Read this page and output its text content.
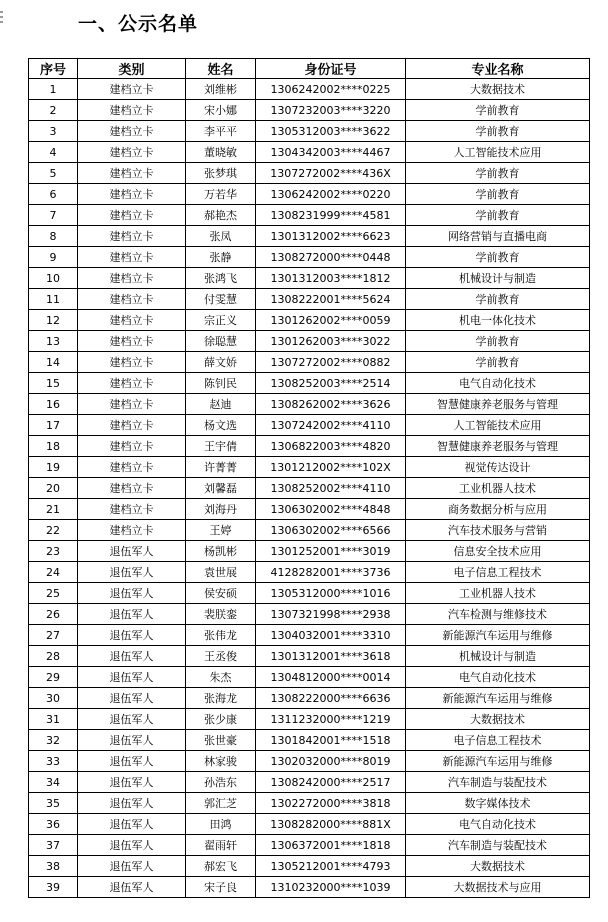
一、公示名单
序号	类别	姓名	身份证号	专业名称
1	建档立卡	刘维彬	1306242002****0225	大数据技术
2	建档立卡	宋小娜	1307232003****3220	学前教育
3	建档立卡	李平平	1305312003****3622	学前教育
4	建档立卡	董晓敏	1304342003****4467	人工智能技术应用
5	建档立卡	张梦琪	1307272002****436X	学前教育
6	建档立卡	万若华	1306242002****0220	学前教育
7	建档立卡	郝艳杰	1308231999****4581	学前教育
8	建档立卡	张凤	1301312002****6623	网络营销与直播电商
9	建档立卡	张静	1308272000****0448	学前教育
10	建档立卡	张鸿飞	1301312003****1812	机械设计与制造
11	建档立卡	付雯慧	1308222001****5624	学前教育
12	建档立卡	宗正义	1301262002****0059	机电一体化技术
13	建档立卡	徐聪慧	1301262003****3022	学前教育
14	建档立卡	薛文娇	1307272002****0882	学前教育
15	建档立卡	陈钊民	1308252003****2514	电气自动化技术
16	建档立卡	赵迪	1308262002****3626	智慧健康养老服务与管理
17	建档立卡	杨文选	1307242002****4110	人工智能技术应用
18	建档立卡	王宇倩	1306822003****4820	智慧健康养老服务与管理
19	建档立卡	许菁菁	1301212002****102X	视觉传达设计
20	建档立卡	刘馨磊	1308252002****4110	工业机器人技术
21	建档立卡	刘海丹	1306302002****4848	商务数据分析与应用
22	建档立卡	王婷	1306302002****6566	汽车技术服务与营销
23	退伍军人	杨凯彬	1301252001****3019	信息安全技术应用
24	退伍军人	袁世展	4128282001****3736	电子信息工程技术
25	退伍军人	侯安硕	1305312000****1016	工业机器人技术
26	退伍军人	裴朕銮	1307321998****2938	汽车检测与维修技术
27	退伍军人	张伟龙	1304032001****3310	新能源汽车运用与维修
28	退伍军人	王丞俊	1301312001****3618	机械设计与制造
29	退伍军人	朱杰	1304812000****0014	电气自动化技术
30	退伍军人	张海龙	1308222000****6636	新能源汽车运用与维修
31	退伍军人	张少康	1311232000****1219	大数据技术
32	退伍军人	张世豪	1301842001****1518	电子信息工程技术
33	退伍军人	林家骏	1302032000****8019	新能源汽车运用与维修
34	退伍军人	孙浩东	1308242000****2517	汽车制造与装配技术
35	退伍军人	郭汇芝	1302272000****3818	数字媒体技术
36	退伍军人	田鸿	1308282000****881X	电气自动化技术
37	退伍军人	翟雨轩	1306372001****1818	汽车制造与装配技术
38	退伍军人	郝宏飞	1305212001****4793	大数据技术
39	退伍军人	宋子良	1310232000****1039	大数据技术与应用
